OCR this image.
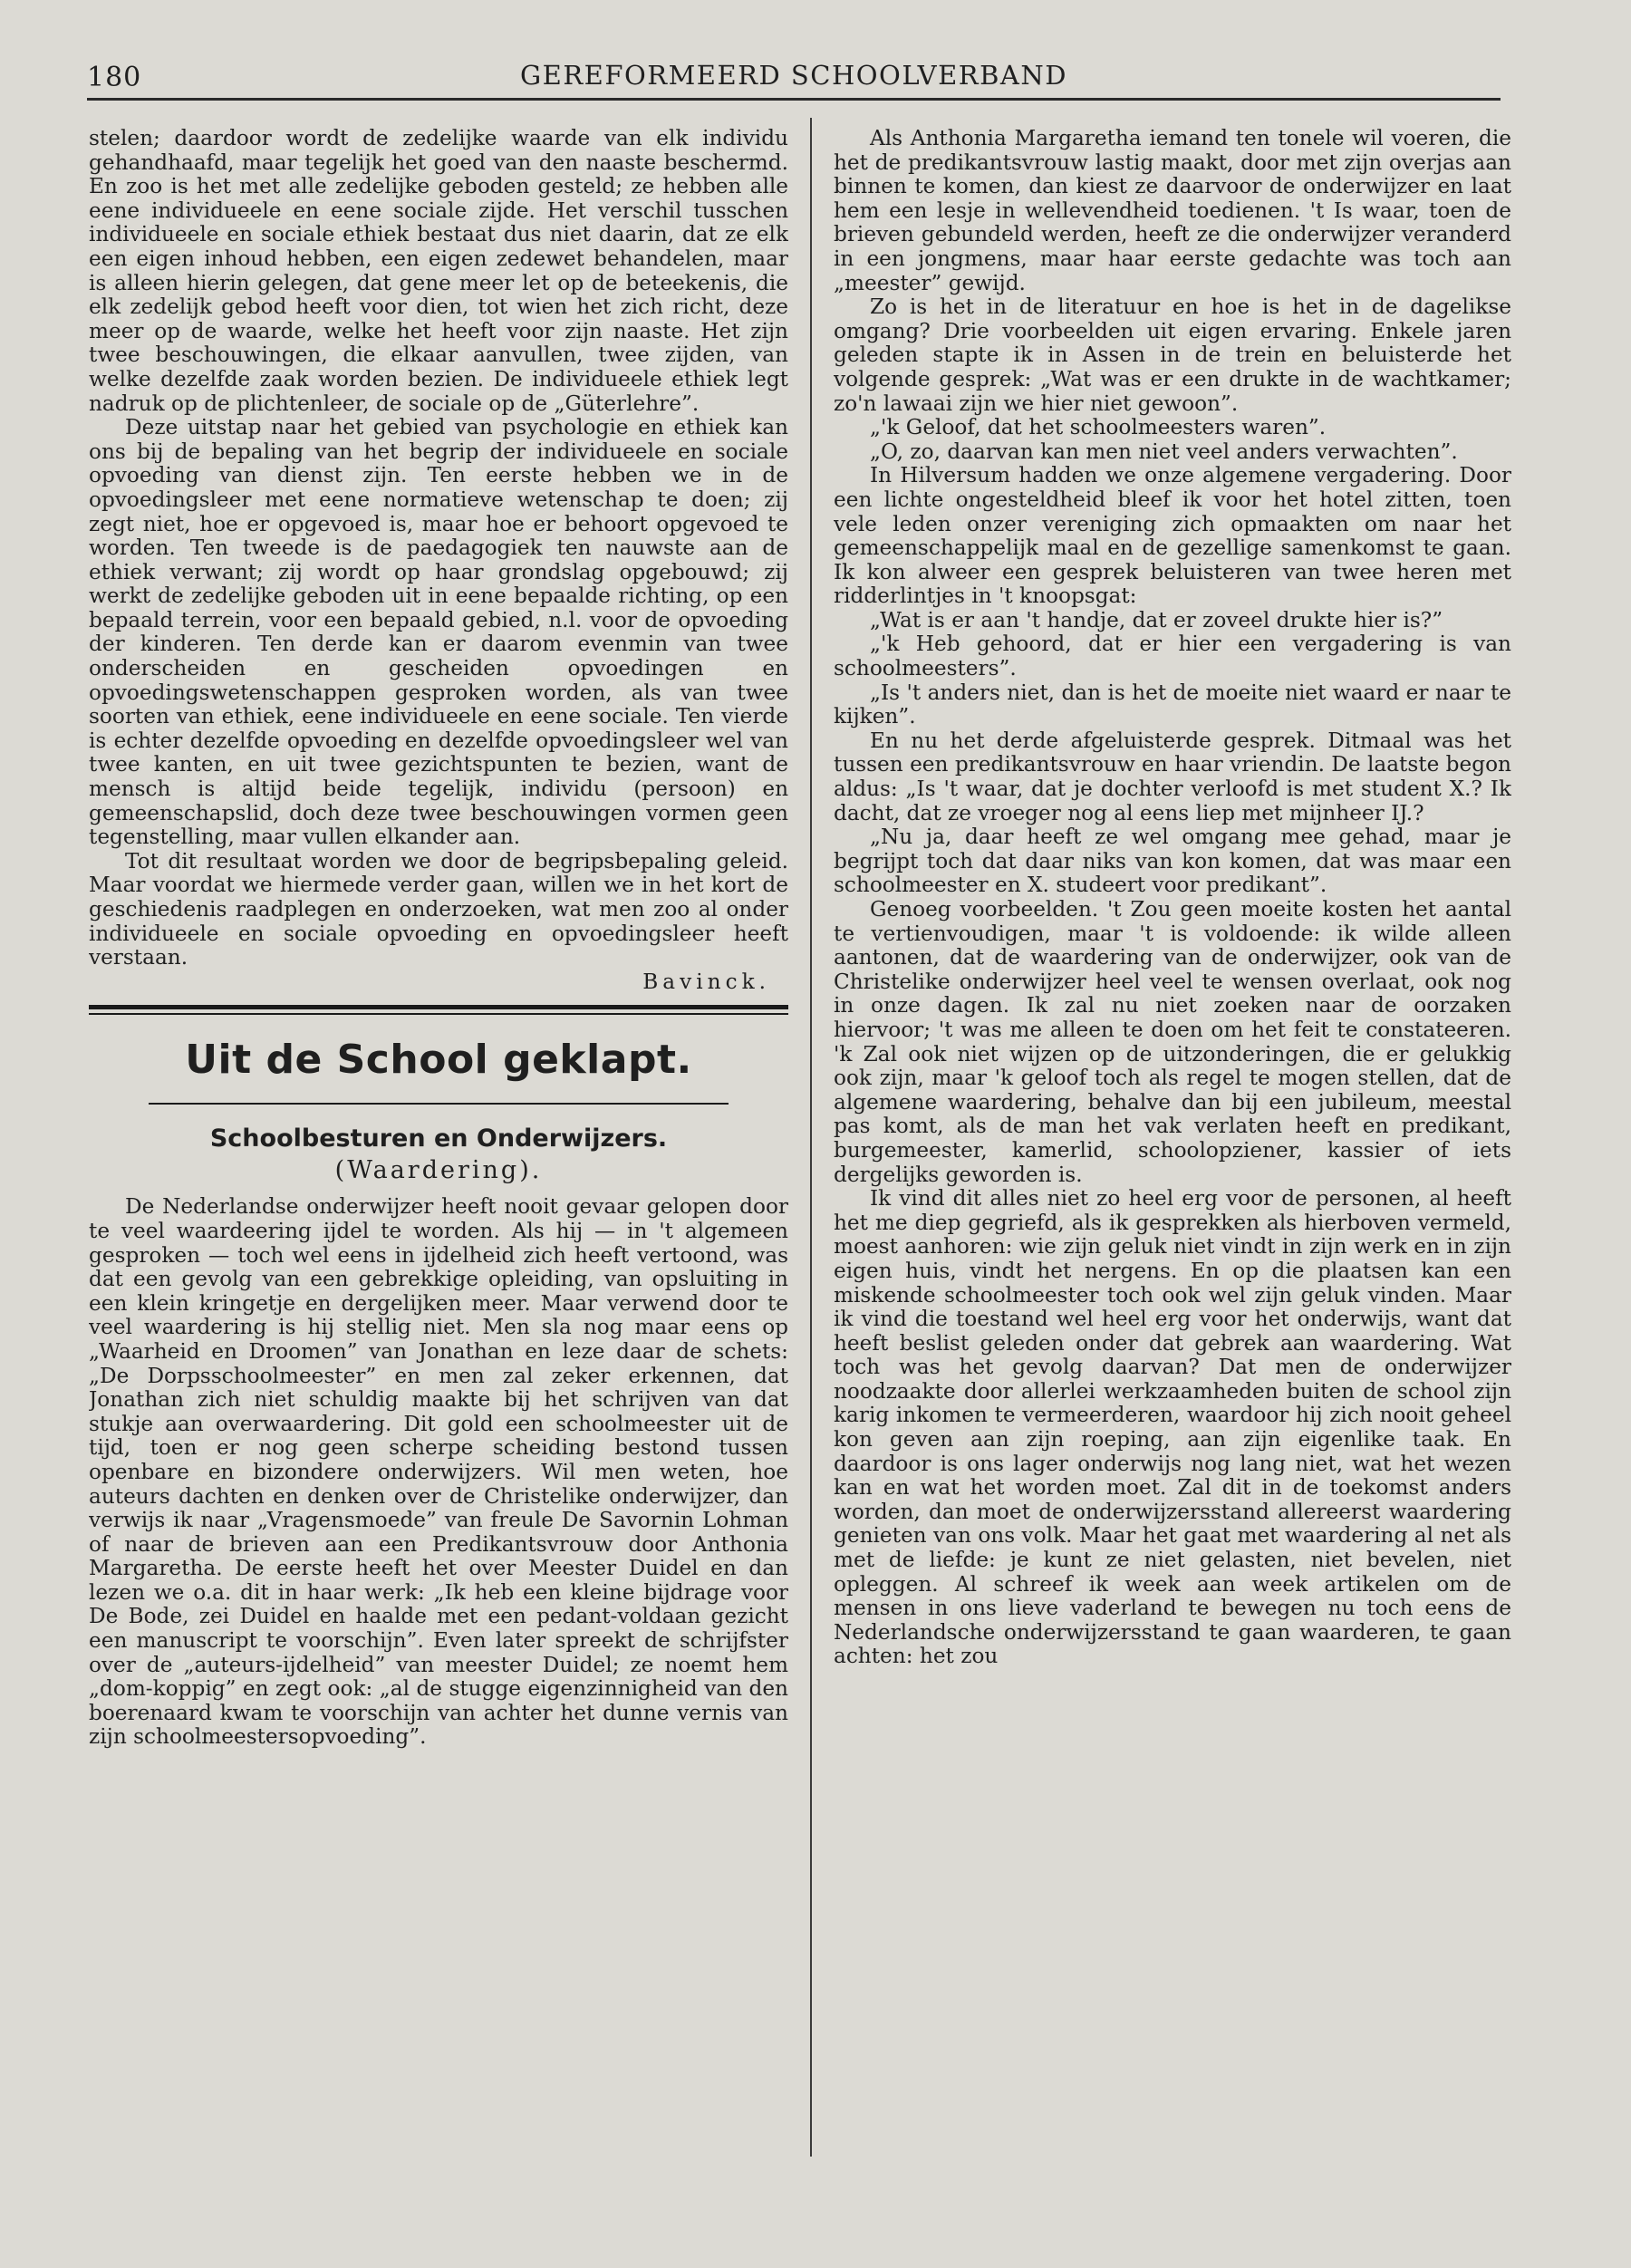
180	GEREFORMEERD SCHOOLVERBAND

stelen; daardoor wordt de zedelijke waarde van elk individu gehandhaafd, maar tegelijk het goed van den naaste beschermd. En zoo is het met alle zedelijke geboden gesteld; ze hebben alle eene individueele en eene sociale zijde. Het verschil tusschen individueele en sociale ethiek bestaat dus niet daarin, dat ze elk een eigen inhoud hebben, een eigen zedewet behandelen, maar is alleen hierin gelegen, dat gene meer let op de beteekenis, die elk zedelijk gebod heeft voor dien, tot wien het zich richt, deze meer op de waarde, welke het heeft voor zijn naaste. Het zijn twee beschouwingen, die elkaar aanvullen, twee zijden, van welke dezelfde zaak worden bezien. De individueele ethiek legt nadruk op de plichtenleer, de sociale op de „Güterlehre”.

Deze uitstap naar het gebied van psychologie en ethiek kan ons bij de bepaling van het begrip der individueele en sociale opvoeding van dienst zijn. Ten eerste hebben we in de opvoedingsleer met eene normatieve wetenschap te doen; zij zegt niet, hoe er opgevoed is, maar hoe er behoort opgevoed te worden. Ten tweede is de paedagogiek ten nauwste aan de ethiek verwant; zij wordt op haar grondslag opgebouwd; zij werkt de zedelijke geboden uit in eene bepaalde richting, op een bepaald terrein, voor een bepaald gebied, n.l. voor de opvoeding der kinderen. Ten derde kan er daarom evenmin van twee onderscheiden en gescheiden opvoedingen en opvoedingswetenschappen gesproken worden, als van twee soorten van ethiek, eene individueele en eene sociale. Ten vierde is echter dezelfde opvoeding en dezelfde opvoedingsleer wel van twee kanten, en uit twee gezichtspunten te bezien, want de mensch is altijd beide tegelijk, individu (persoon) en gemeenschapslid, doch deze twee beschouwingen vormen geen tegenstelling, maar vullen elkander aan.

Tot dit resultaat worden we door de begripsbepaling geleid. Maar voordat we hiermede verder gaan, willen we in het kort de geschiedenis raadplegen en onderzoeken, wat men zoo al onder individueele en sociale opvoeding en opvoedingsleer heeft verstaan.

Bavinck.

Uit de School geklapt.
Schoolbesturen en Onderwijzers.
(Waardering).

De Nederlandse onderwijzer heeft nooit gevaar gelopen door te veel waardeering ijdel te worden. Als hij — in 't algemeen gesproken — toch wel eens in ijdelheid zich heeft vertoond, was dat een gevolg van een gebrekkige opleiding, van opsluiting in een klein kringetje en dergelijken meer. Maar verwend door te veel waardering is hij stellig niet. Men sla nog maar eens op „Waarheid en Droomen” van Jonathan en leze daar de schets: „De Dorpsschoolmeester” en men zal zeker erkennen, dat Jonathan zich niet schuldig maakte bij het schrijven van dat stukje aan overwaardering. Dit gold een schoolmeester uit de tijd, toen er nog geen scherpe scheiding bestond tussen openbare en bizondere onderwijzers. Wil men weten, hoe auteurs dachten en denken over de Christelike onderwijzer, dan verwijs ik naar „Vragensmoede” van freule De Savornin Lohman of naar de brieven aan een Predikantsvrouw door Anthonia Margaretha. De eerste heeft het over Meester Duidel en dan lezen we o.a. dit in haar werk: „Ik heb een kleine bijdrage voor De Bode, zei Duidel en haalde met een pedant-voldaan gezicht een manuscript te voorschijn”. Even later spreekt de schrijfster over de „auteurs-ijdelheid” van meester Duidel; ze noemt hem „dom-koppig” en zegt ook: „al de stugge eigenzinnigheid van den boerenaard kwam te voorschijn van achter het dunne vernis van zijn schoolmeestersopvoeding”.

Als Anthonia Margaretha iemand ten tonele wil voeren, die het de predikantsvrouw lastig maakt, door met zijn overjas aan binnen te komen, dan kiest ze daarvoor de onderwijzer en laat hem een lesje in wellevendheid toedienen. 't Is waar, toen de brieven gebundeld werden, heeft ze die onderwijzer veranderd in een jongmens, maar haar eerste gedachte was toch aan „meester” gewijd.

Zo is het in de literatuur en hoe is het in de dagelikse omgang? Drie voorbeelden uit eigen ervaring. Enkele jaren geleden stapte ik in Assen in de trein en beluisterde het volgende gesprek: „Wat was er een drukte in de wachtkamer; zo'n lawaai zijn we hier niet gewoon”.

„'k Geloof, dat het schoolmeesters waren”.

„O, zo, daarvan kan men niet veel anders verwachten”.

In Hilversum hadden we onze algemene vergadering. Door een lichte ongesteldheid bleef ik voor het hotel zitten, toen vele leden onzer vereniging zich opmaakten om naar het gemeenschappelijk maal en de gezellige samenkomst te gaan. Ik kon alweer een gesprek beluisteren van twee heren met ridderlintjes in 't knoopsgat:

„Wat is er aan 't handje, dat er zoveel drukte hier is?”

„'k Heb gehoord, dat er hier een vergadering is van schoolmeesters”.

„Is 't anders niet, dan is het de moeite niet waard er naar te kijken”.

En nu het derde afgeluisterde gesprek. Ditmaal was het tussen een predikantsvrouw en haar vriendin. De laatste begon aldus: „Is 't waar, dat je dochter verloofd is met student X.? Ik dacht, dat ze vroeger nog al eens liep met mijnheer IJ.?

„Nu ja, daar heeft ze wel omgang mee gehad, maar je begrijpt toch dat daar niks van kon komen, dat was maar een schoolmeester en X. studeert voor predikant”.

Genoeg voorbeelden. 't Zou geen moeite kosten het aantal te vertienvoudigen, maar 't is voldoende: ik wilde alleen aantonen, dat de waardering van de onderwijzer, ook van de Christelike onderwijzer heel veel te wensen overlaat, ook nog in onze dagen. Ik zal nu niet zoeken naar de oorzaken hiervoor; 't was me alleen te doen om het feit te constateeren. 'k Zal ook niet wijzen op de uitzonderingen, die er gelukkig ook zijn, maar 'k geloof toch als regel te mogen stellen, dat de algemene waardering, behalve dan bij een jubileum, meestal pas komt, als de man het vak verlaten heeft en predikant, burgemeester, kamerlid, schoolopziener, kassier of iets dergelijks geworden is.

Ik vind dit alles niet zo heel erg voor de personen, al heeft het me diep gegriefd, als ik gesprekken als hierboven vermeld, moest aanhoren: wie zijn geluk niet vindt in zijn werk en in zijn eigen huis, vindt het nergens. En op die plaatsen kan een miskende schoolmeester toch ook wel zijn geluk vinden. Maar ik vind die toestand wel heel erg voor het onderwijs, want dat heeft beslist geleden onder dat gebrek aan waardering. Wat toch was het gevolg daarvan? Dat men de onderwijzer noodzaakte door allerlei werkzaamheden buiten de school zijn karig inkomen te vermeerderen, waardoor hij zich nooit geheel kon geven aan zijn roeping, aan zijn eigenlike taak. En daardoor is ons lager onderwijs nog lang niet, wat het wezen kan en wat het worden moet. Zal dit in de toekomst anders worden, dan moet de onderwijzersstand allereerst waardering genieten van ons volk. Maar het gaat met waardering al net als met de liefde: je kunt ze niet gelasten, niet bevelen, niet opleggen. Al schreef ik week aan week artikelen om de mensen in ons lieve vaderland te bewegen nu toch eens de Nederlandsche onderwijzersstand te gaan waarderen, te gaan achten: het zou
